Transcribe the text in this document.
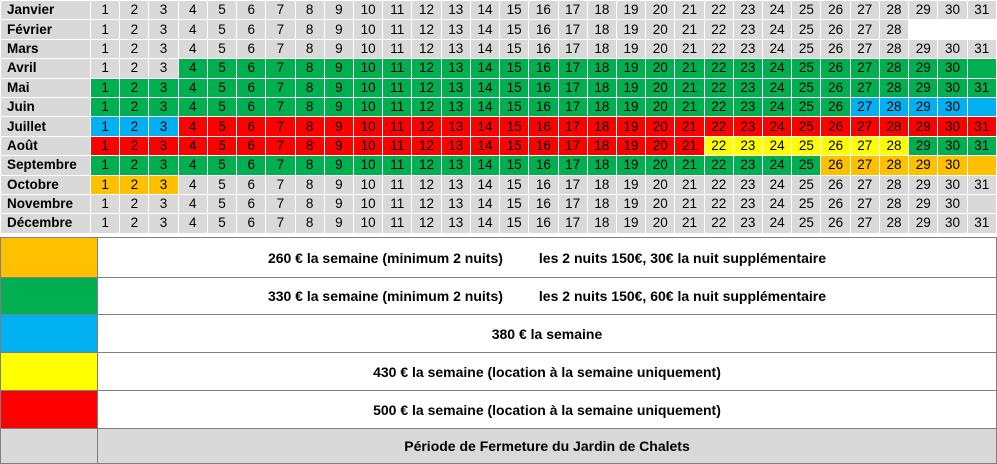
Janvier	1	2	3	4	5	6	7	8	9	10	11	12	13	14	15	16	17	18	19	20	21	22	23	24	25	26	27	28	29	30	31
Février	1	2	3	4	5	6	7	8	9	10	11	12	13	14	15	16	17	18	19	20	21	22	23	24	25	26	27	28			
Mars	1	2	3	4	5	6	7	8	9	10	11	12	13	14	15	16	17	18	19	20	21	22	23	24	25	26	27	28	29	30	31
Avril	1	2	3	4	5	6	7	8	9	10	11	12	13	14	15	16	17	18	19	20	21	22	23	24	25	26	27	28	29	30	
Mai	1	2	3	4	5	6	7	8	9	10	11	12	13	14	15	16	17	18	19	20	21	22	23	24	25	26	27	28	29	30	31
Juin	1	2	3	4	5	6	7	8	9	10	11	12	13	14	15	16	17	18	19	20	21	22	23	24	25	26	27	28	29	30	
Juillet	1	2	3	4	5	6	7	8	9	10	11	12	13	14	15	16	17	18	19	20	21	22	23	24	25	26	27	28	29	30	31
Août	1	2	3	4	5	6	7	8	9	10	11	12	13	14	15	16	17	18	19	20	21	22	23	24	25	26	27	28	29	30	31
Septembre	1	2	3	4	5	6	7	8	9	10	11	12	13	14	15	16	17	18	19	20	21	22	23	24	25	26	27	28	29	30	
Octobre	1	2	3	4	5	6	7	8	9	10	11	12	13	14	15	16	17	18	19	20	21	22	23	24	25	26	27	28	29	30	31
Novembre	1	2	3	4	5	6	7	8	9	10	11	12	13	14	15	16	17	18	19	20	21	22	23	24	25	26	27	28	29	30	
Décembre	1	2	3	4	5	6	7	8	9	10	11	12	13	14	15	16	17	18	19	20	21	22	23	24	25	26	27	28	29	30	31
	260 € la semaine (minimum 2 nuits) les 2 nuits 150€, 30€ la nuit supplémentaire
	330 € la semaine (minimum 2 nuits) les 2 nuits 150€, 60€ la nuit supplémentaire
	380 € la semaine
	430 € la semaine (location à la semaine uniquement)
	500 € la semaine (location à la semaine uniquement)
	Période de Fermeture du Jardin de Chalets
